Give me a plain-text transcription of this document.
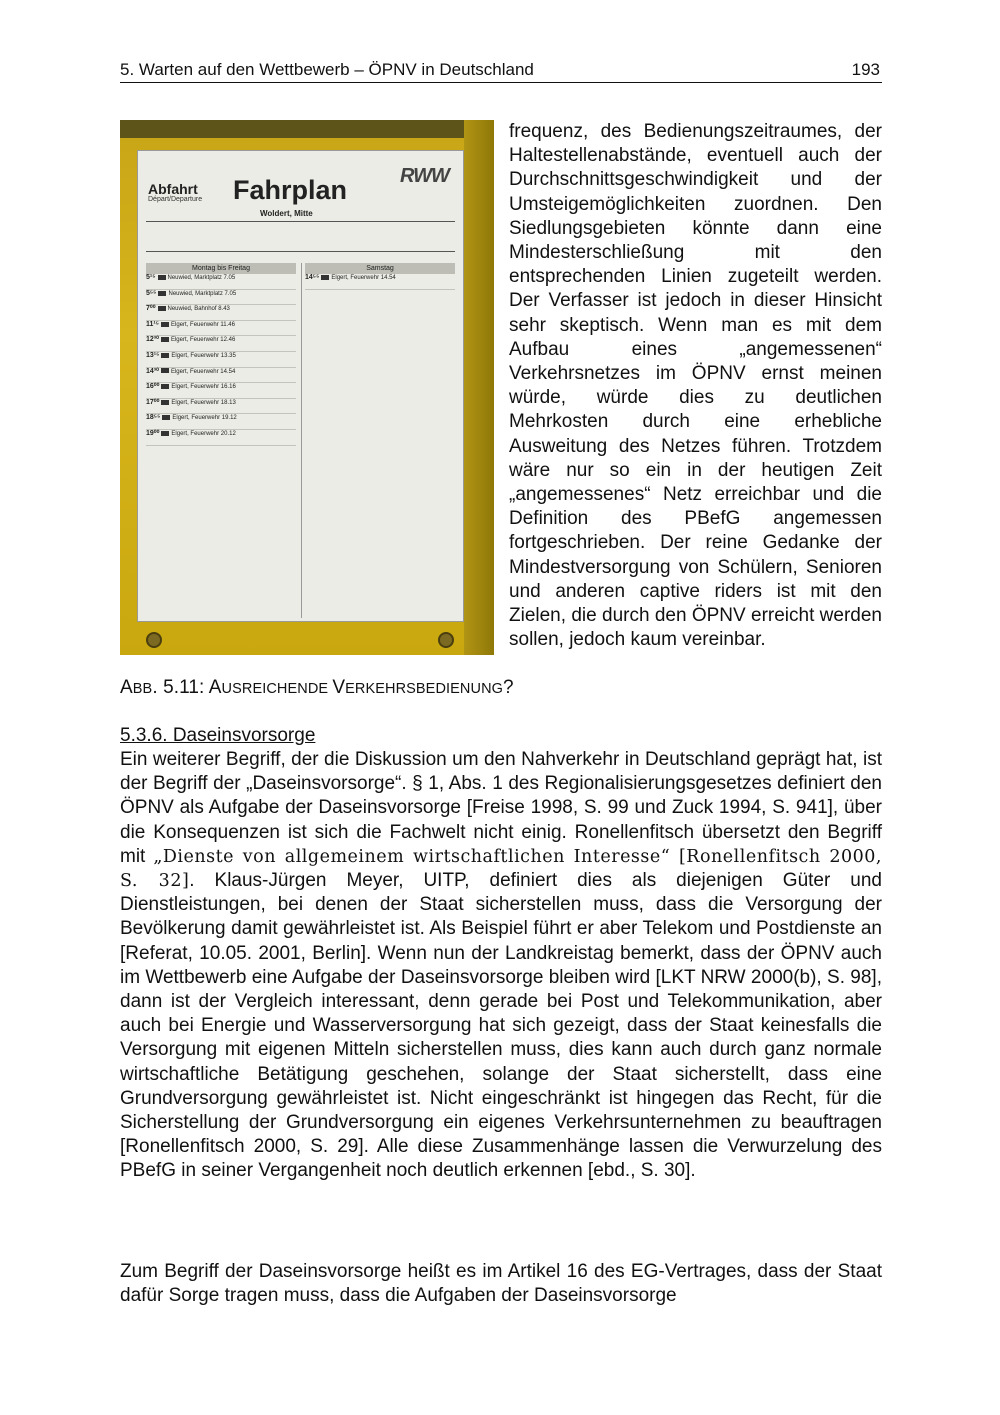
5. Warten auf den Wettbewerb – ÖPNV in Deutschland	193
Abfahrt
Départ/Departure Fahrplan
Woldert, Mitte
RWW
Montag bis Freitag
5¹⁵ Neuwied, Marktplatz 7.05
5⁵⁵ Neuwied, Marktplatz 7.05
7⁰⁰ Neuwied, Bahnhof 8.43
11¹⁵ Elgert, Feuerwehr 11.46
12³⁰ Elgert, Feuerwehr 12.46
13¹⁵ Elgert, Feuerwehr 13.35
14³⁰ Elgert, Feuerwehr 14.54
16⁰⁰ Elgert, Feuerwehr 16.16
17⁰⁰ Elgert, Feuerwehr 18.13
18⁵⁵ Elgert, Feuerwehr 19.12
19⁰⁰ Elgert, Feuerwehr 20.12
Samstag
14⁵⁵ Elgert, Feuerwehr 14.54
frequenz, des Bedienungszeitraumes, der Haltestellenabstände, eventuell auch der Durchschnittsgeschwindigkeit und der Umsteigemöglichkeiten zuordnen. Den Siedlungsgebieten könnte dann eine Mindesterschließung mit den entsprechenden Linien zugeteilt werden. Der Verfasser ist jedoch in dieser Hinsicht sehr skeptisch. Wenn man es mit dem Aufbau eines „angemessenen“ Verkehrsnetzes im ÖPNV ernst meinen würde, würde dies zu deutlichen Mehrkosten durch eine erhebliche Ausweitung des Netzes führen. Trotzdem wäre nur so ein in der heutigen Zeit „angemessenes“ Netz erreichbar und die Definition des PBefG angemessen fortgeschrieben. Der reine Gedanke der Mindestversorgung von Schülern, Senioren und anderen captive riders ist mit den Zielen, die durch den ÖPNV erreicht werden sollen, jedoch kaum vereinbar.
ABB. 5.11: AUSREICHENDE VERKEHRSBEDIENUNG?
5.3.6. Daseinsvorsorge
Ein weiterer Begriff, der die Diskussion um den Nahverkehr in Deutschland geprägt hat, ist der Begriff der „Daseinsvorsorge“. § 1, Abs. 1 des Regionalisierungsgesetzes definiert den ÖPNV als Aufgabe der Daseinsvorsorge [Freise 1998, S. 99 und Zuck 1994, S. 941], über die Konsequenzen ist sich die Fachwelt nicht einig. Ronellenfitsch übersetzt den Begriff mit „Dienste von allgemeinem wirtschaftlichen Interesse“ [Ronellenfitsch 2000, S. 32]. Klaus-Jürgen Meyer, UITP, definiert dies als diejenigen Güter und Dienstleistungen, bei denen der Staat sicherstellen muss, dass die Versorgung der Bevölkerung damit gewährleistet ist. Als Beispiel führt er aber Telekom und Postdienste an [Referat, 10.05. 2001, Berlin]. Wenn nun der Landkreistag bemerkt, dass der ÖPNV auch im Wettbewerb eine Aufgabe der Daseinsvorsorge bleiben wird [LKT NRW 2000(b), S. 98], dann ist der Vergleich interessant, denn gerade bei Post und Telekommunikation, aber auch bei Energie und Wasserversorgung hat sich gezeigt, dass der Staat keinesfalls die Versorgung mit eigenen Mitteln sicherstellen muss, dies kann auch durch ganz normale wirtschaftliche Betätigung geschehen, solange der Staat sicherstellt, dass eine Grundversorgung gewährleistet ist. Nicht eingeschränkt ist hingegen das Recht, für die Sicherstellung der Grundversorgung ein eigenes Verkehrsunternehmen zu beauftragen [Ronellenfitsch 2000, S. 29]. Alle diese Zusammenhänge lassen die Verwurzelung des PBefG in seiner Vergangenheit noch deutlich erkennen [ebd., S. 30].
Zum Begriff der Daseinsvorsorge heißt es im Artikel 16 des EG-Vertrages, dass der Staat dafür Sorge tragen muss, dass die Aufgaben der Daseinsvorsorge
